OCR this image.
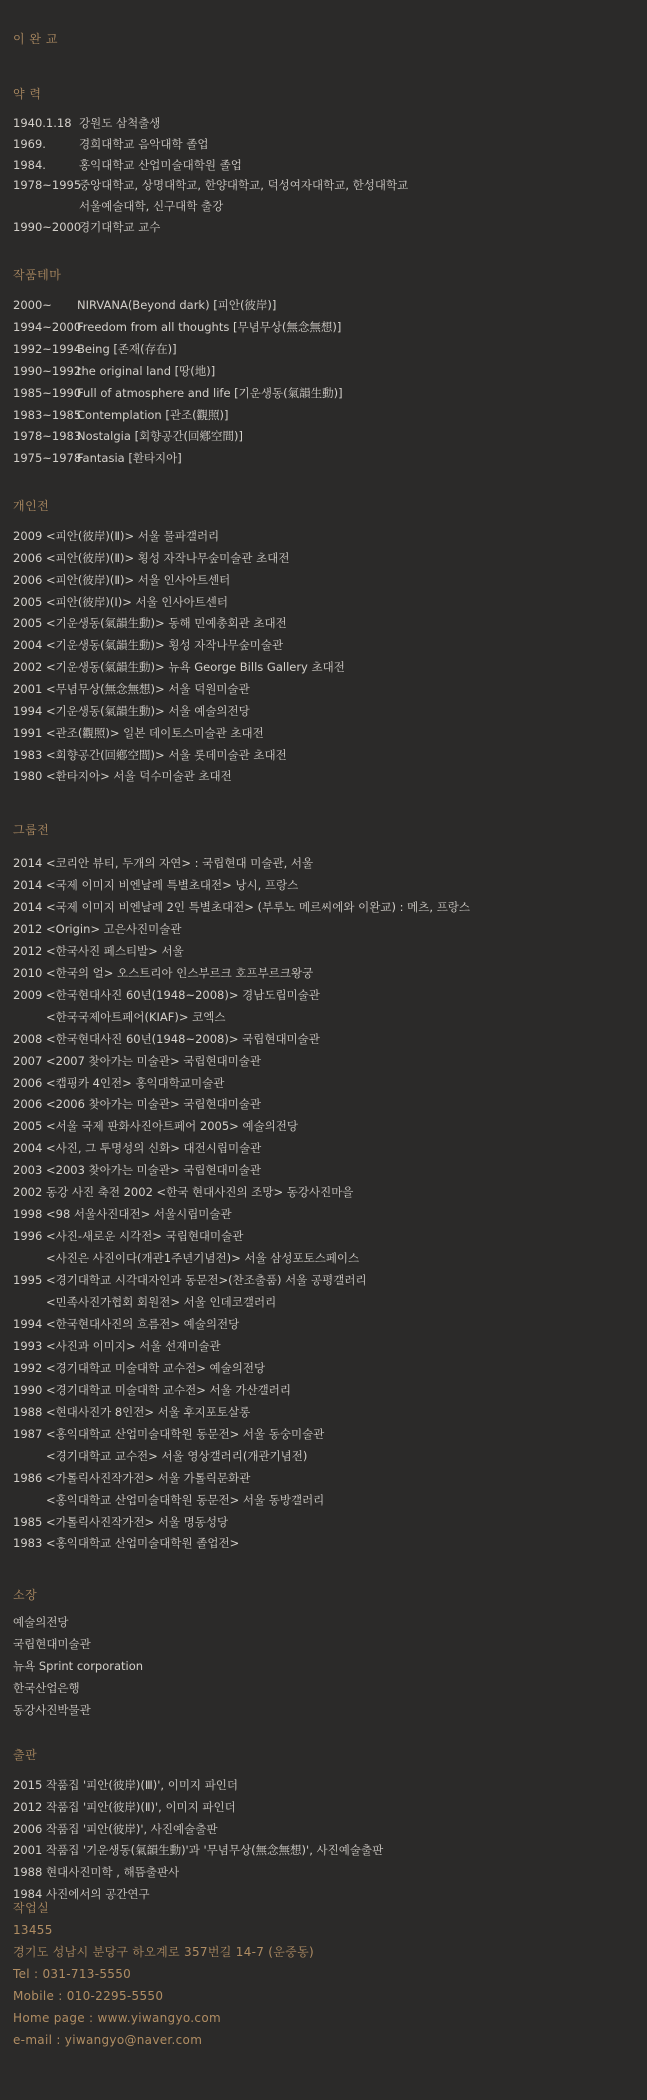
이 완 교
약 력
1940.1.18 강원도 삼척출생
1969.	경희대학교 음악대학 졸업
1984.	홍익대학교 산업미술대학원 졸업
1978~1995중앙대학교, 상명대학교, 한양대학교, 덕성여자대학교, 한성대학교
서울예술대학, 신구대학 출강
1990~2000경기대학교 교수
작품테마
2000~ NIRVANA(Beyond dark) [피안(彼岸)]
1994~2000Freedom from all thoughts [무념무상(無念無想)]
1992~1994Being [존재(存在)]
1990~1992the original land [땅(地)]
1985~1990Full of atmosphere and life [기운생동(氣韻生動)]
1983~1985Contemplation [관조(觀照)]
1978~1983Nostalgia [회향공간(回鄕空間)]
1975~1978Fantasia [환타지아]
개인전
2009 <피안(彼岸)(Ⅱ)> 서울 물파갤러리
2006 <피안(彼岸)(Ⅱ)> 횡성 자작나무숲미술관 초대전
2006 <피안(彼岸)(Ⅱ)> 서울 인사아트센터
2005 <피안(彼岸)(Ⅰ)> 서울 인사아트센터
2005 <기운생동(氣韻生動)> 동해 민예총회관 초대전
2004 <기운생동(氣韻生動)> 횡성 자작나무숲미술관
2002 <기운생동(氣韻生動)> 뉴욕 George Bills Gallery 초대전
2001 <무념무상(無念無想)> 서울 덕원미술관
1994 <기운생동(氣韻生動)> 서울 예술의전당
1991 <관조(觀照)> 일본 데이토스미술관 초대전
1983 <회향공간(回鄕空間)> 서울 롯데미술관 초대전
1980 <환타지아> 서울 덕수미술관 초대전
그룹전
2014 <코리안 뷰티, 두개의 자연> : 국립현대 미술관, 서울
2014 <국제 이미지 비엔날레 특별초대전> 낭시, 프랑스
2014 <국제 이미지 비엔날레 2인 특별초대전> (부루노 메르씨에와 이완교) : 메츠, 프랑스
2012 <Origin> 고은사진미술관
2012 <한국사진 페스티발> 서울
2010 <한국의 얼> 오스트리아 인스부르크 호프부르크왕궁
2009 <한국현대사진 60년(1948~2008)> 경남도립미술관
<한국국제아트페어(KIAF)> 코엑스
2008 <한국현대사진 60년(1948~2008)> 국립현대미술관
2007 <2007 찾아가는 미술관> 국립현대미술관
2006 <캡핑카 4인전> 홍익대학교미술관
2006 <2006 찾아가는 미술관> 국립현대미술관
2005 <서울 국제 판화사진아트페어 2005> 예술의전당
2004 <사진, 그 투명성의 신화> 대전시립미술관
2003 <2003 찾아가는 미술관> 국립현대미술관
2002 동강 사진 축전 2002 <한국 현대사진의 조망> 동강사진마을
1998 <98 서울사진대전> 서울시립미술관
1996 <사진-새로운 시각전> 국립현대미술관
<사진은 사진이다(개관1주년기념전)> 서울 삼성포토스페이스
1995 <경기대학교 시각대자인과 동문전>(찬조출품) 서울 공평갤러리
<민족사진가협회 회원전> 서울 인데코갤러리
1994 <한국현대사진의 흐름전> 예술의전당
1993 <사진과 이미지> 서울 선재미술관
1992 <경기대학교 미술대학 교수전> 예술의전당
1990 <경기대학교 미술대학 교수전> 서울 가산갤러리
1988 <현대사진가 8인전> 서울 후지포토살롱
1987 <홍익대학교 산업미술대학원 동문전> 서울 동숭미술관
<경기대학교 교수전> 서울 영상갤러리(개관기념전)
1986 <가톨릭사진작가전> 서울 가톨릭문화관
<홍익대학교 산업미술대학원 동문전> 서울 동방갤러리
1985 <가톨릭사진작가전> 서울 명동성당
1983 <홍익대학교 산업미술대학원 졸업전>
소장
예술의전당
국립현대미술관
뉴욕 Sprint corporation
한국산업은행
동강사진박물관
출판
2015 작품집 '피안(彼岸)(Ⅲ)', 이미지 파인더
2012 작품집 '피안(彼岸)(Ⅱ)', 이미지 파인더
2006 작품집 '피안(彼岸)', 사진예술출판
2001 작품집 '기운생동(氣韻生動)'과 '무념무상(無念無想)', 사진예술출판
1988 현대사진미학 , 해뜸출판사
1984 사진에서의 공간연구
작업실
13455
경기도 성남시 분당구 하오계로 357번길 14-7 (운중동)
Tel : 031-713-5550
Mobile : 010-2295-5550
Home page : www.yiwangyo.com
e-mail : yiwangyo@naver.com
